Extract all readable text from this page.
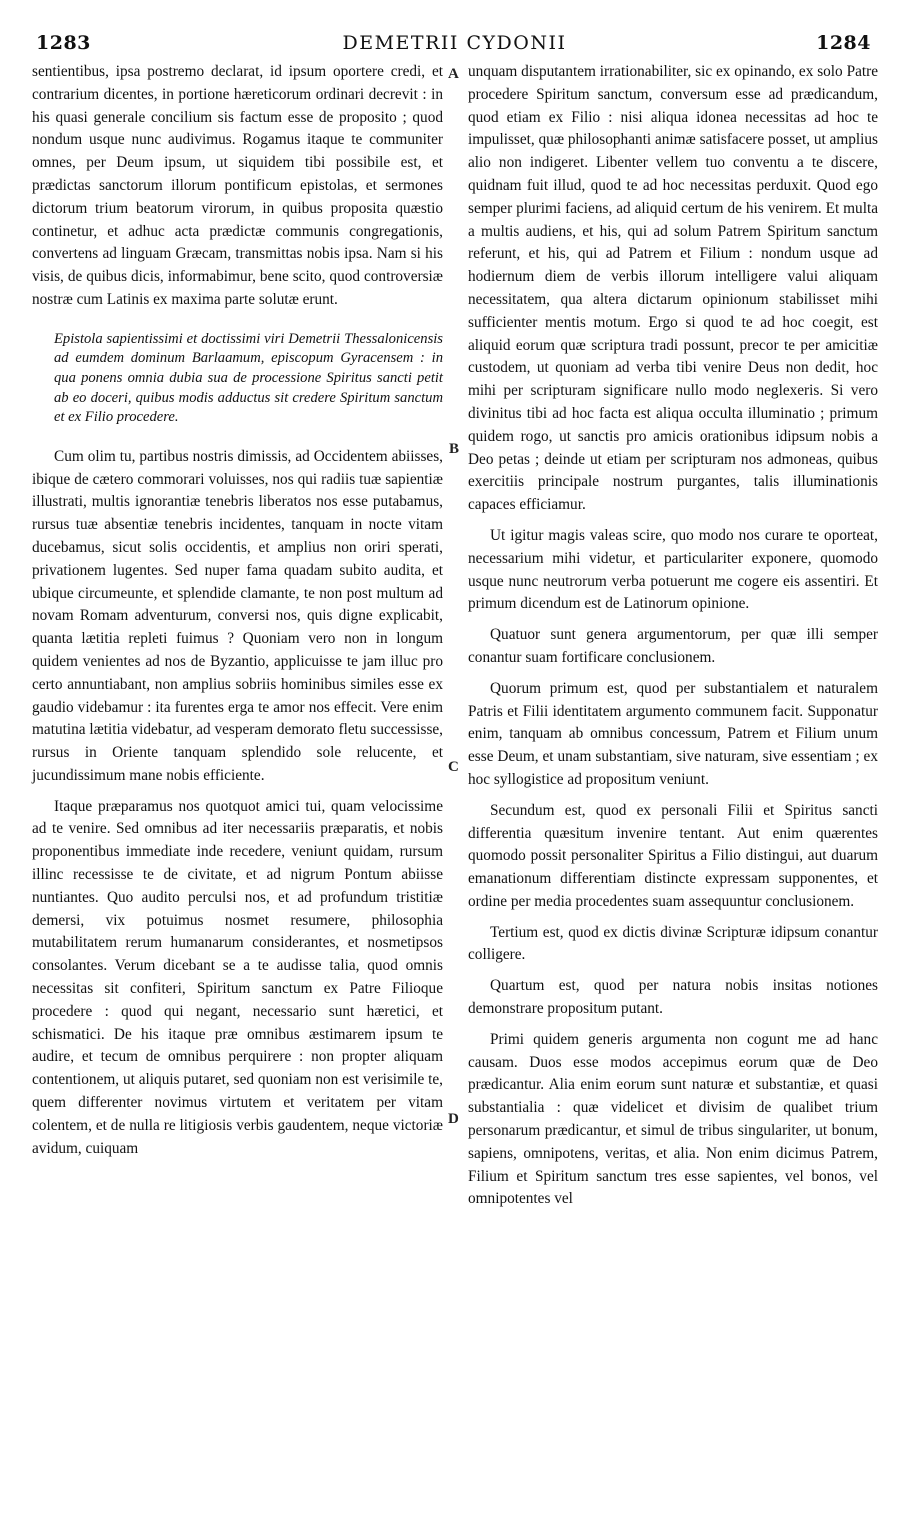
1283	DEMETRII CYDONII	1284
A
B
C
D

sentientibus, ipsa postremo declarat, id ipsum oportere credi, et contrarium dicentes, in portione hæreticorum ordinari decrevit : in his quasi generale concilium sis factum esse de proposito ; quod nondum usque nunc audivimus. Rogamus itaque te communiter omnes, per Deum ipsum, ut siquidem tibi possibile est, et prædictas sanctorum illorum pontificum epistolas, et sermones dictorum trium beatorum virorum, in quibus proposita quæstio continetur, et adhuc acta prædictæ communis congregationis, convertens ad linguam Græcam, transmittas nobis ipsa. Nam si his visis, de quibus dicis, informabimur, bene scito, quod controversiæ nostræ cum Latinis ex maxima parte solutæ erunt.

Epistola sapientissimi et doctissimi viri Demetrii Thessalonicensis ad eumdem dominum Barlaamum, episcopum Gyracensem : in qua ponens omnia dubia sua de processione Spiritus sancti petit ab eo doceri, quibus modis adductus sit credere Spiritum sanctum et ex Filio procedere.

Cum olim tu, partibus nostris dimissis, ad Occidentem abiisses, ibique de cætero commorari voluisses, nos qui radiis tuæ sapientiæ illustrati, multis ignorantiæ tenebris liberatos nos esse putabamus, rursus tuæ absentiæ tenebris incidentes, tanquam in nocte vitam ducebamus, sicut solis occidentis, et amplius non oriri sperati, privationem lugentes. Sed nuper fama quadam subito audita, et ubique circumeunte, et splendide clamante, te non post multum ad novam Romam adventurum, conversi nos, quis digne explicabit, quanta lætitia repleti fuimus ? Quoniam vero non in longum quidem venientes ad nos de Byzantio, applicuisse te jam illuc pro certo annuntiabant, non amplius sobriis hominibus similes esse ex gaudio videbamur : ita furentes erga te amor nos effecit. Vere enim matutina lætitia videbatur, ad vesperam demorato fletu successisse, rursus in Oriente tanquam splendido sole relucente, et jucundissimum mane nobis efficiente.

Itaque præparamus nos quotquot amici tui, quam velocissime ad te venire. Sed omnibus ad iter necessariis præparatis, et nobis proponentibus immediate inde recedere, veniunt quidam, rursum illinc recessisse te de civitate, et ad nigrum Pontum abiisse nuntiantes. Quo audito perculsi nos, et ad profundum tristitiæ demersi, vix potuimus nosmet resumere, philosophia mutabilitatem rerum humanarum considerantes, et nosmetipsos consolantes. Verum dicebant se a te audisse talia, quod omnis necessitas sit confiteri, Spiritum sanctum ex Patre Filioque procedere : quod qui negant, necessario sunt hæretici, et schismatici. De his itaque præ omnibus æstimarem ipsum te audire, et tecum de omnibus perquirere : non propter aliquam contentionem, ut aliquis putaret, sed quoniam non est verisimile te, quem differenter novimus virtutem et veritatem per vitam colentem, et de nulla re litigiosis verbis gaudentem, neque victoriæ avidum, cuiquam

unquam disputantem irrationabiliter, sic ex opinando, ex solo Patre procedere Spiritum sanctum, conversum esse ad prædicandum, quod etiam ex Filio : nisi aliqua idonea necessitas ad hoc te impulisset, quæ philosophanti animæ satisfacere posset, ut amplius alio non indigeret. Libenter vellem tuo conventu a te discere, quidnam fuit illud, quod te ad hoc necessitas perduxit. Quod ego semper plurimi faciens, ad aliquid certum de his venirem. Et multa a multis audiens, et his, qui ad solum Patrem Spiritum sanctum referunt, et his, qui ad Patrem et Filium : nondum usque ad hodiernum diem de verbis illorum intelligere valui aliquam necessitatem, qua altera dictarum opinionum stabilisset mihi sufficienter mentis motum. Ergo si quod te ad hoc coegit, est aliquid eorum quæ scriptura tradi possunt, precor te per amicitiæ custodem, ut quoniam ad verba tibi venire Deus non dedit, hoc mihi per scripturam significare nullo modo neglexeris. Si vero divinitus tibi ad hoc facta est aliqua occulta illuminatio ; primum quidem rogo, ut sanctis pro amicis orationibus idipsum nobis a Deo petas ; deinde ut etiam per scripturam nos admoneas, quibus exercitiis principale nostrum purgantes, talis illuminationis capaces efficiamur.

Ut igitur magis valeas scire, quo modo nos curare te oporteat, necessarium mihi videtur, et particulariter exponere, quomodo usque nunc neutrorum verba potuerunt me cogere eis assentiri. Et primum dicendum est de Latinorum opinione.

Quatuor sunt genera argumentorum, per quæ illi semper conantur suam fortificare conclusionem.

Quorum primum est, quod per substantialem et naturalem Patris et Filii identitatem argumento communem facit. Supponatur enim, tanquam ab omnibus concessum, Patrem et Filium unum esse Deum, et unam substantiam, sive naturam, sive essentiam ; ex hoc syllogistice ad propositum veniunt.

Secundum est, quod ex personali Filii et Spiritus sancti differentia quæsitum invenire tentant. Aut enim quærentes quomodo possit personaliter Spiritus a Filio distingui, aut duarum emanationum differentiam distincte expressam supponentes, et ordine per media procedentes suam assequuntur conclusionem.

Tertium est, quod ex dictis divinæ Scripturæ idipsum conantur colligere.

Quartum est, quod per natura nobis insitas notiones demonstrare propositum putant.

Primi quidem generis argumenta non cogunt me ad hanc causam. Duos esse modos accepimus eorum quæ de Deo prædicantur. Alia enim eorum sunt naturæ et substantiæ, et quasi substantialia : quæ videlicet et divisim de qualibet trium personarum prædicantur, et simul de tribus singulariter, ut bonum, sapiens, omnipotens, veritas, et alia. Non enim dicimus Patrem, Filium et Spiritum sanctum tres esse sapientes, vel bonos, vel omnipotentes vel
